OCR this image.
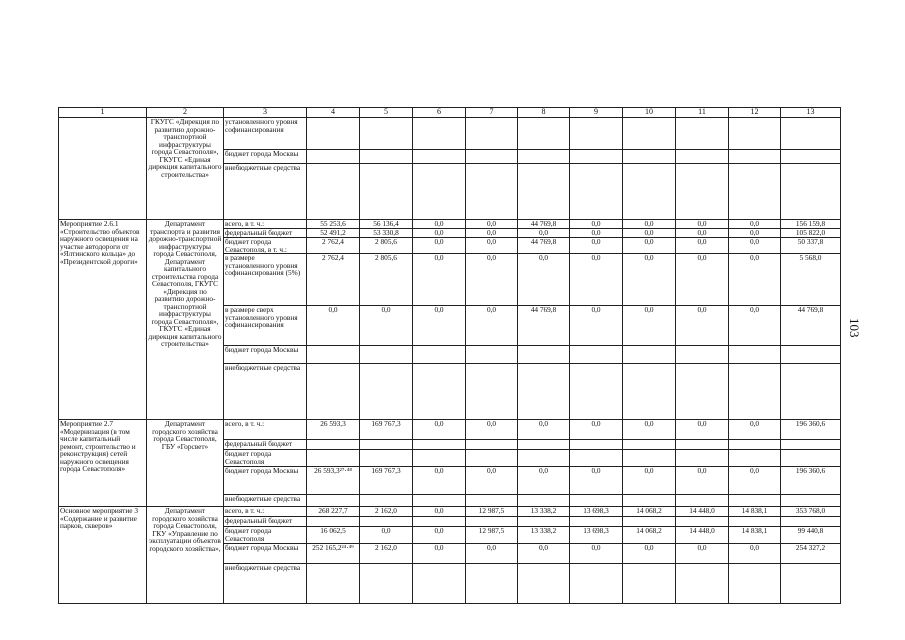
1	2	3	4	5	6	7	8	9	10	11	12	13
	ГКУГС «Дирекция по развитию дорожно-транспортной инфраструктуры города Севастополя», ГКУГС «Единая дирекция капитального строительства»	установленного уровня софинансирования										
		бюджет города Москвы										
		внебюджетные средства										
Мероприятие 2.6.1 «Строительство объектов наружного освещения на участке автодороги от «Ялтинского кольца» до «Президентской дороги»	Департамент транспорта и развития дорожно-транспортной инфраструктуры города Севастополя, Департамент капитального строительства города Севастополя, ГКУГС «Дирекция по развитию дорожно-транспортной инфраструктуры города Севастополя», ГКУГС «Единая дирекция капитального строительства»	всего, в т. ч.:	55 253,6	56 136,4	0,0	0,0	44 769,8	0,0	0,0	0,0	0,0	156 159,8
		федеральный бюджет	52 491,2	53 330,8	0,0	0,0	0,0	0,0	0,0	0,0	0,0	105 822,0
		бюджет города Севастополя, в т. ч.:	2 762,4	2 805,6	0,0	0,0	44 769,8	0,0	0,0	0,0	0,0	50 337,8
		в размере установленного уровня софинансирования (5%)	2 762,4	2 805,6	0,0	0,0	0,0	0,0	0,0	0,0	0,0	5 568,0
		в размере сверх установленного уровня софинансирования	0,0	0,0	0,0	0,0	44 769,8	0,0	0,0	0,0	0,0	44 769,8
		бюджет города Москвы										
		внебюджетные средства										
Мероприятие 2.7 «Модернизация (в том числе капитальный ремонт, строительство и реконструкция) сетей наружного освещения города Севастополя»	Департамент городского хозяйства города Севастополя, ГБУ «Горсвет»	всего, в т. ч.:	26 593,3	169 767,3	0,0	0,0	0,0	0,0	0,0	0,0	0,0	196 360,6
		федеральный бюджет										
		бюджет города Севастополя										
		бюджет города Москвы	26 593,3²⁷·⁴⁸	169 767,3	0,0	0,0	0,0	0,0	0,0	0,0	0,0	196 360,6
		внебюджетные средства										
Основное мероприятие 3 «Содержание и развитие парков, скверов»	Департамент городского хозяйства города Севастополя, ГКУ «Управление по эксплуатации объектов городского хозяйства»,	всего, в т. ч.:	268 227,7	2 162,0	0,0	12 987,5	13 338,2	13 698,3	14 068,2	14 448,0	14 838,1	353 768,0
		федеральный бюджет										
		бюджет города Севастополя	16 062,5	0,0	0,0	12 987,5	13 338,2	13 698,3	14 068,2	14 448,0	14 838,1	99 440,8
		бюджет города Москвы	252 165,2²⁴·⁴⁹	2 162,0	0,0	0,0	0,0	0,0	0,0	0,0	0,0	254 327,2
		внебюджетные средства										
103
